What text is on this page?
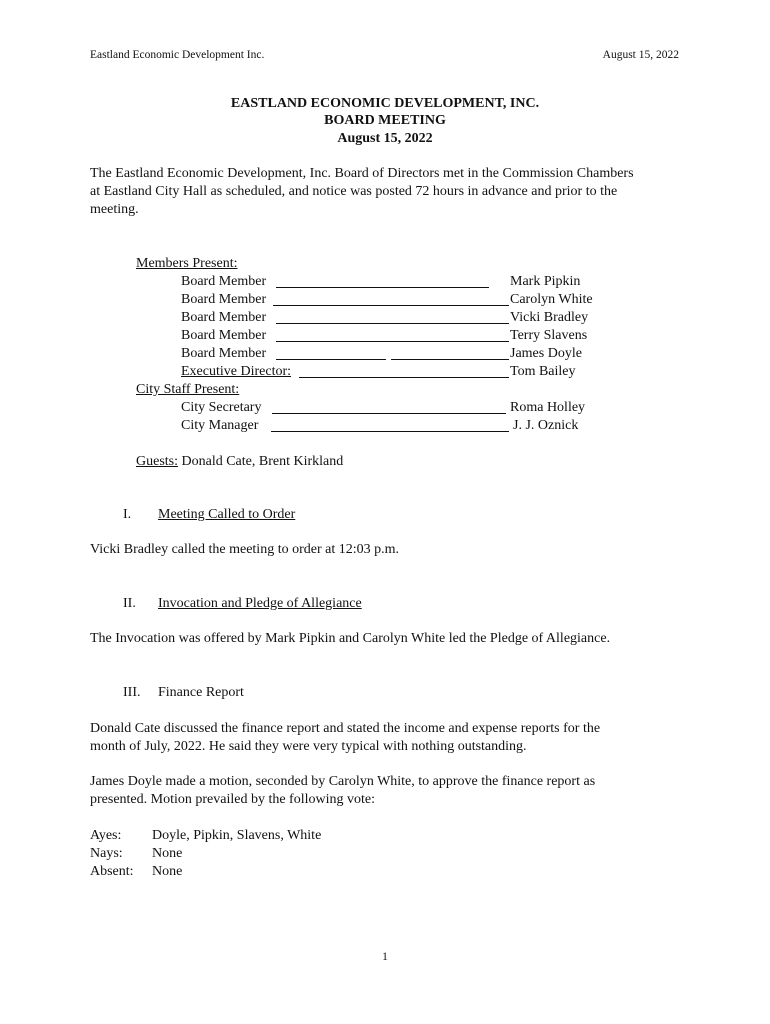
Eastland Economic Development Inc.	August 15, 2022
EASTLAND ECONOMIC DEVELOPMENT, INC.
BOARD MEETING
August 15, 2022
The Eastland Economic Development, Inc. Board of Directors met in the Commission Chambers
at Eastland City Hall as scheduled, and notice was posted 72 hours in advance and prior to the
meeting.
Members Present:
Board Member	Mark Pipkin
Board Member	Carolyn White
Board Member	Vicki Bradley
Board Member	Terry Slavens
Board Member	James Doyle
Executive Director:	Tom Bailey
City Staff Present:
City Secretary	Roma Holley
City Manager	J. J. Oznick
Guests: Donald Cate, Brent Kirkland
I. Meeting Called to Order
Vicki Bradley called the meeting to order at 12:03 p.m.
II. Invocation and Pledge of Allegiance
The Invocation was offered by Mark Pipkin and Carolyn White led the Pledge of Allegiance.
III. Finance Report
Donald Cate discussed the finance report and stated the income and expense reports for the
month of July, 2022. He said they were very typical with nothing outstanding.
James Doyle made a motion, seconded by Carolyn White, to approve the finance report as
presented. Motion prevailed by the following vote:
Ayes: Doyle, Pipkin, Slavens, White
Nays: None
Absent: None
1
